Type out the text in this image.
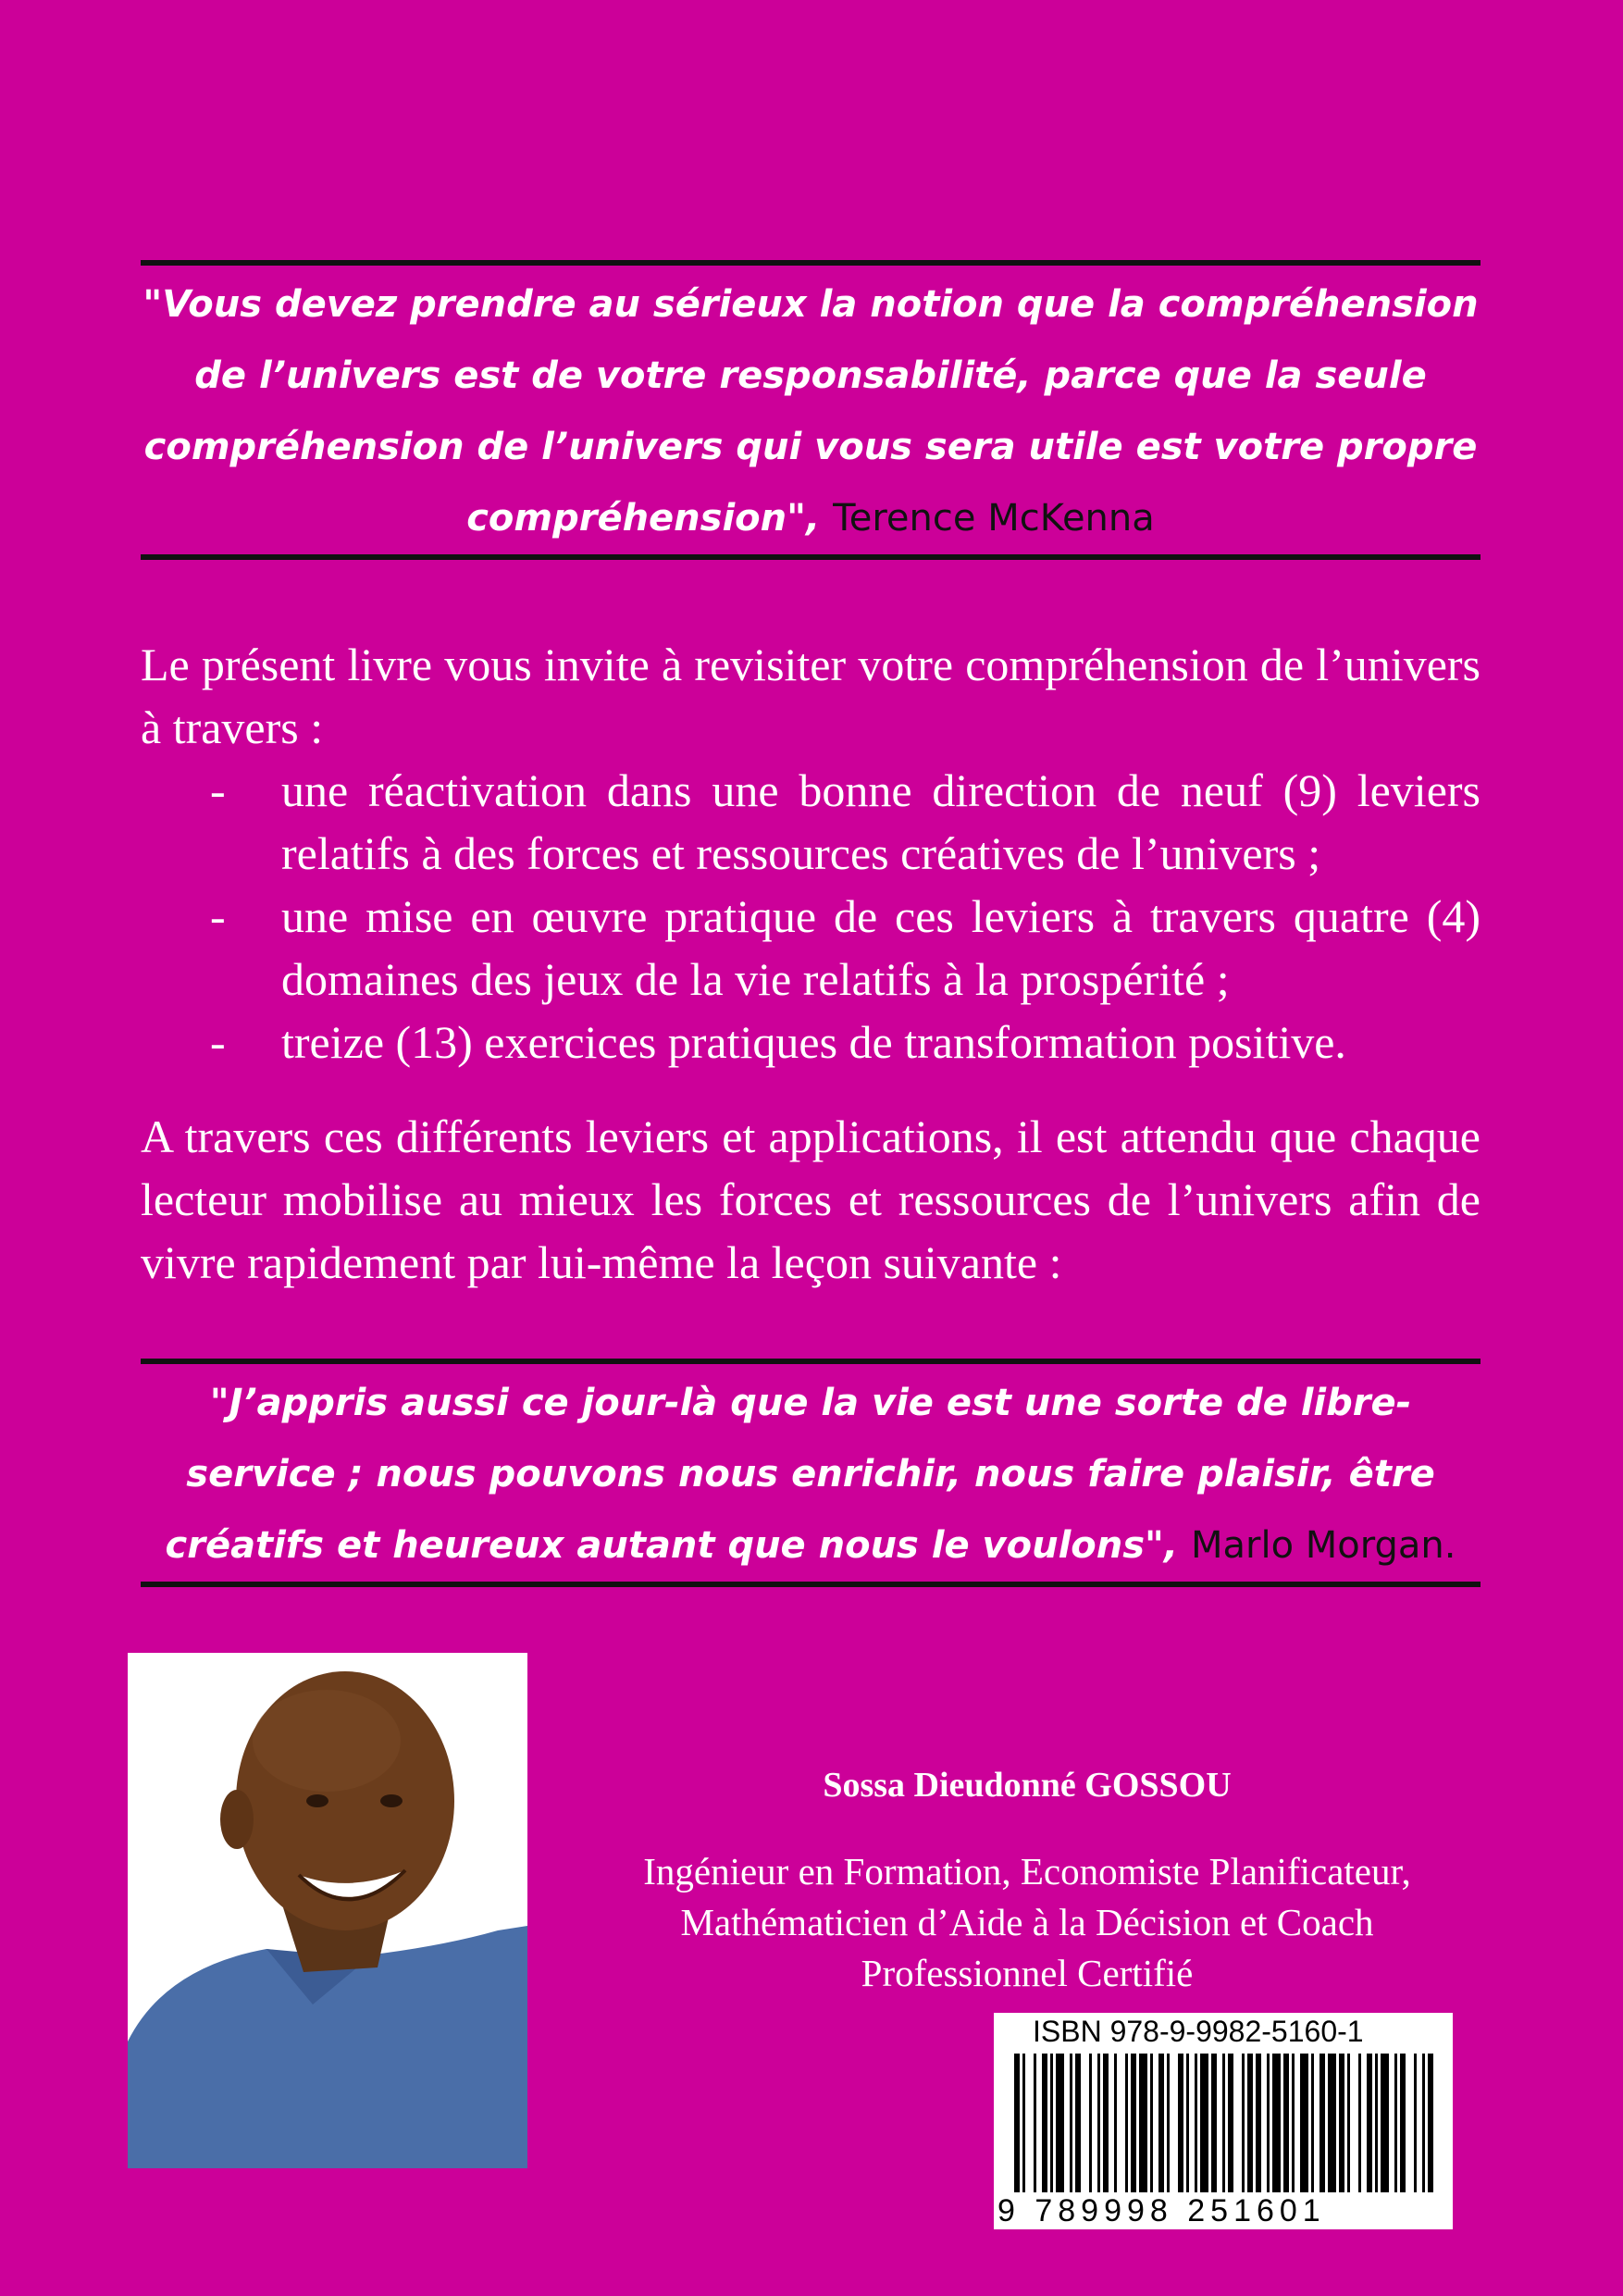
"Vous devez prendre au sérieux la notion que la compréhension de l’univers est de votre responsabilité, parce que la seule compréhension de l’univers qui vous sera utile est votre propre compréhension", Terence McKenna
Le présent livre vous invite à revisiter votre compréhension de l’univers à travers :
- une réactivation dans une bonne direction de neuf (9) leviers relatifs à des forces et ressources créatives de l’univers ;
- une mise en œuvre pratique de ces leviers à travers quatre (4) domaines des jeux de la vie relatifs à la prospérité ;
- treize (13) exercices pratiques de transformation positive.
A travers ces différents leviers et applications, il est attendu que chaque lecteur mobilise au mieux les forces et ressources de l’univers afin de vivre rapidement par lui-même la leçon suivante :
"J’appris aussi ce jour-là que la vie est une sorte de libre-service ; nous pouvons nous enrichir, nous faire plaisir, être créatifs et heureux autant que nous le voulons", Marlo Morgan.
Sossa Dieudonné GOSSOU
Ingénieur en Formation, Economiste Planificateur, Mathématicien d’Aide à la Décision et Coach Professionnel Certifié
ISBN 978-9-9982-5160-1
9 789998 251601
